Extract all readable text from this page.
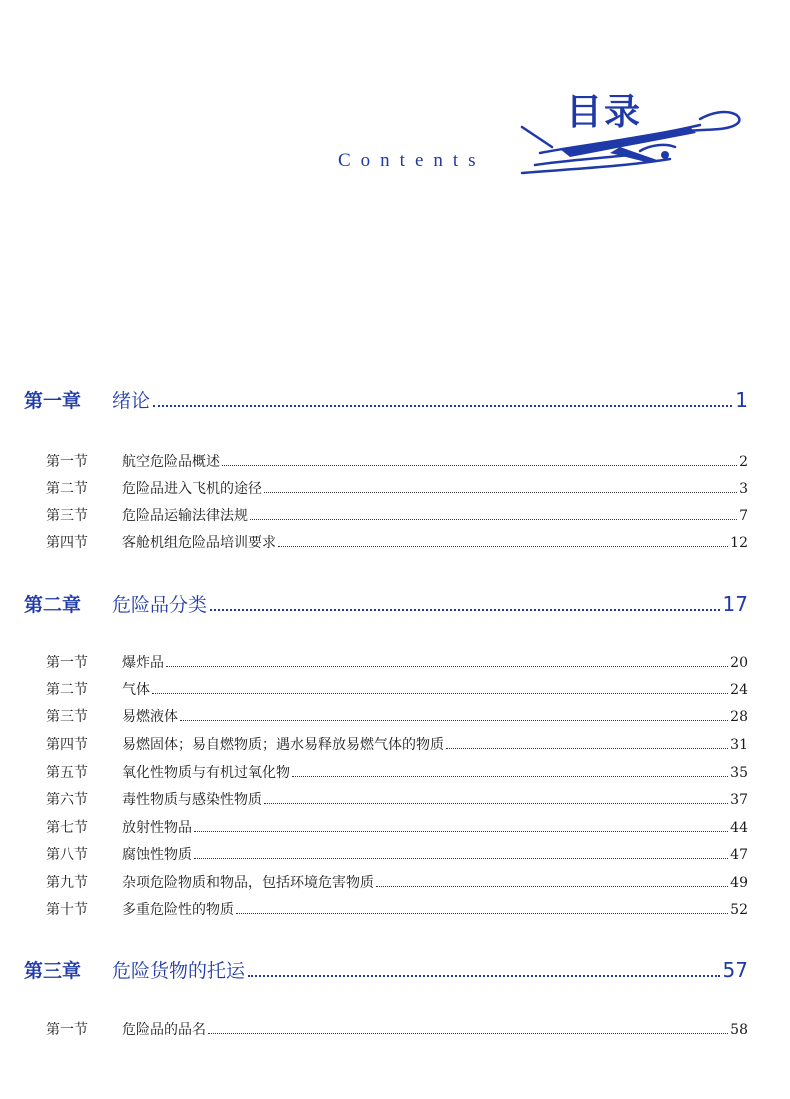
目录
Contents
第一章	绪论	1
第一节	航空危险品概述	2
第二节	危险品进入飞机的途径	3
第三节	危险品运输法律法规	7
第四节	客舱机组危险品培训要求	12
第二章	危险品分类	17
第一节	爆炸品	20
第二节	气体	24
第三节	易燃液体	28
第四节	易燃固体；易自燃物质；遇水易释放易燃气体的物质	31
第五节	氧化性物质与有机过氧化物	35
第六节	毒性物质与感染性物质	37
第七节	放射性物品	44
第八节	腐蚀性物质	47
第九节	杂项危险物质和物品，包括环境危害物质	49
第十节	多重危险性的物质	52
第三章	危险货物的托运	57
第一节	危险品的品名	58
